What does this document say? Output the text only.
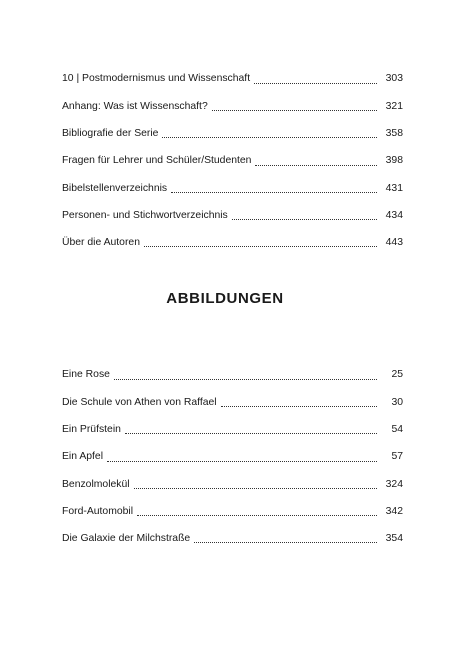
10 | Postmodernismus und Wissenschaft	303
Anhang: Was ist Wissenschaft?	321
Bibliografie der Serie	358
Fragen für Lehrer und Schüler/Studenten	398
Bibelstellenverzeichnis	431
Personen- und Stichwortverzeichnis	434
Über die Autoren	443
ABBILDUNGEN
Eine Rose	25
Die Schule von Athen von Raffael	30
Ein Prüfstein	54
Ein Apfel	57
Benzolmolekül	324
Ford-Automobil	342
Die Galaxie der Milchstraße	354
